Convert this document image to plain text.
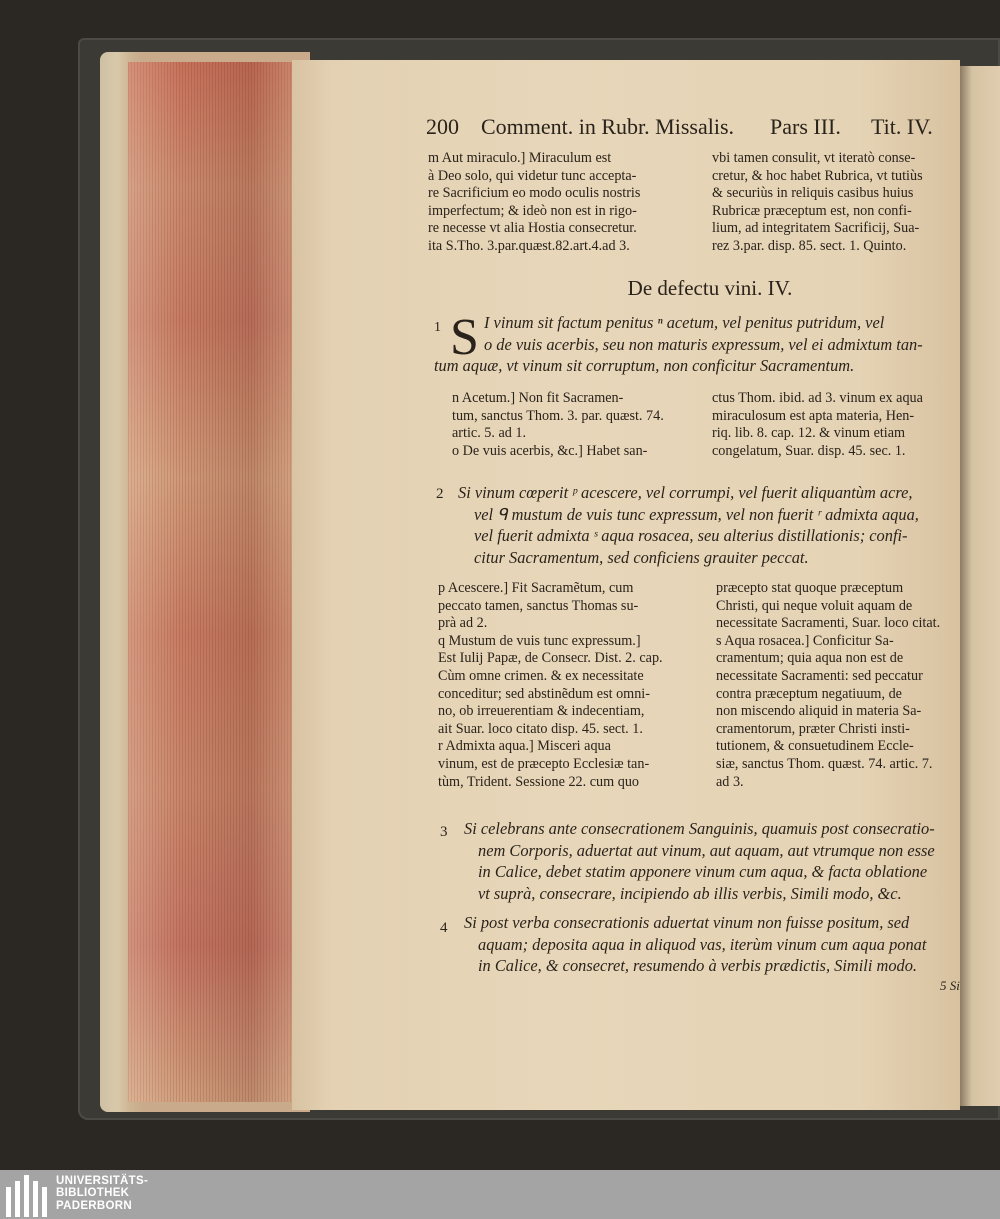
200 Comment. in Rubr. Missalis. Pars III. Tit. IV.
m Aut miraculo.] Miraculum est
à Deo solo, qui videtur tunc accepta-
re Sacrificium eo modo oculis nostris
imperfectum; & ideò non est in rigo-
re necesse vt alia Hostia consecretur.
ita S.Tho. 3.par.quæst.82.art.4.ad 3.
vbi tamen consulit, vt iteratò conse-
cretur, & hoc habet Rubrica, vt tutiùs
& securiùs in reliquis casibus huius
Rubricæ præceptum est, non confi-
lium, ad integritatem Sacrificij, Sua-
rez 3.par. disp. 85. sect. 1. Quinto.
De defectu vini. IV.
1 S I vinum sit factum penitus ⁿ acetum, vel penitus putridum, vel
o de vuis acerbis, seu non maturis expressum, vel ei admixtum tan-
tum aquæ, vt vinum sit corruptum, non conficitur Sacramentum.
n Acetum.] Non fit Sacramen-
tum, sanctus Thom. 3. par. quæst. 74.
artic. 5. ad 1.
o De vuis acerbis, &c.] Habet san-
ctus Thom. ibid. ad 3. vinum ex aqua
miraculosum est apta materia, Hen-
riq. lib. 8. cap. 12. & vinum etiam
congelatum, Suar. disp. 45. sec. 1.
2 Si vinum cœperit ᵖ acescere, vel corrumpi, vel fuerit aliquantùm acre,
vel ᑫ mustum de vuis tunc expressum, vel non fuerit ʳ admixta aqua,
vel fuerit admixta ˢ aqua rosacea, seu alterius distillationis; confi-
citur Sacramentum, sed conficiens grauiter peccat.
p Acescere.] Fit Sacramẽtum, cum
peccato tamen, sanctus Thomas su-
prà ad 2.
q Mustum de vuis tunc expressum.]
Est Iulij Papæ, de Consecr. Dist. 2. cap.
Cùm omne crimen. & ex necessitate
conceditur; sed abstinẽdum est omni-
no, ob irreuerentiam & indecentiam,
ait Suar. loco citato disp. 45. sect. 1.
r Admixta aqua.] Misceri aqua
vinum, est de præcepto Ecclesiæ tan-
tùm, Trident. Sessione 22. cum quo
præcepto stat quoque præceptum
Christi, qui neque voluit aquam de
necessitate Sacramenti, Suar. loco citat.
s Aqua rosacea.] Conficitur Sa-
cramentum; quia aqua non est de
necessitate Sacramenti: sed peccatur
contra præceptum negatiuum, de
non miscendo aliquid in materia Sa-
cramentorum, præter Christi insti-
tutionem, & consuetudinem Eccle-
siæ, sanctus Thom. quæst. 74. artic. 7.
ad 3.
3 Si celebrans ante consecrationem Sanguinis, quamuis post consecratio-
nem Corporis, aduertat aut vinum, aut aquam, aut vtrumque non esse
in Calice, debet statim apponere vinum cum aqua, & facta oblatione
vt suprà, consecrare, incipiendo ab illis verbis, Simili modo, &c.
4 Si post verba consecrationis aduertat vinum non fuisse positum, sed
aquam; deposita aqua in aliquod vas, iterùm vinum cum aqua ponat
in Calice, & consecret, resumendo à verbis prædictis, Simili modo.
5 Si
UNIVERSITÄTS-
BIBLIOTHEK
PADERBORN
